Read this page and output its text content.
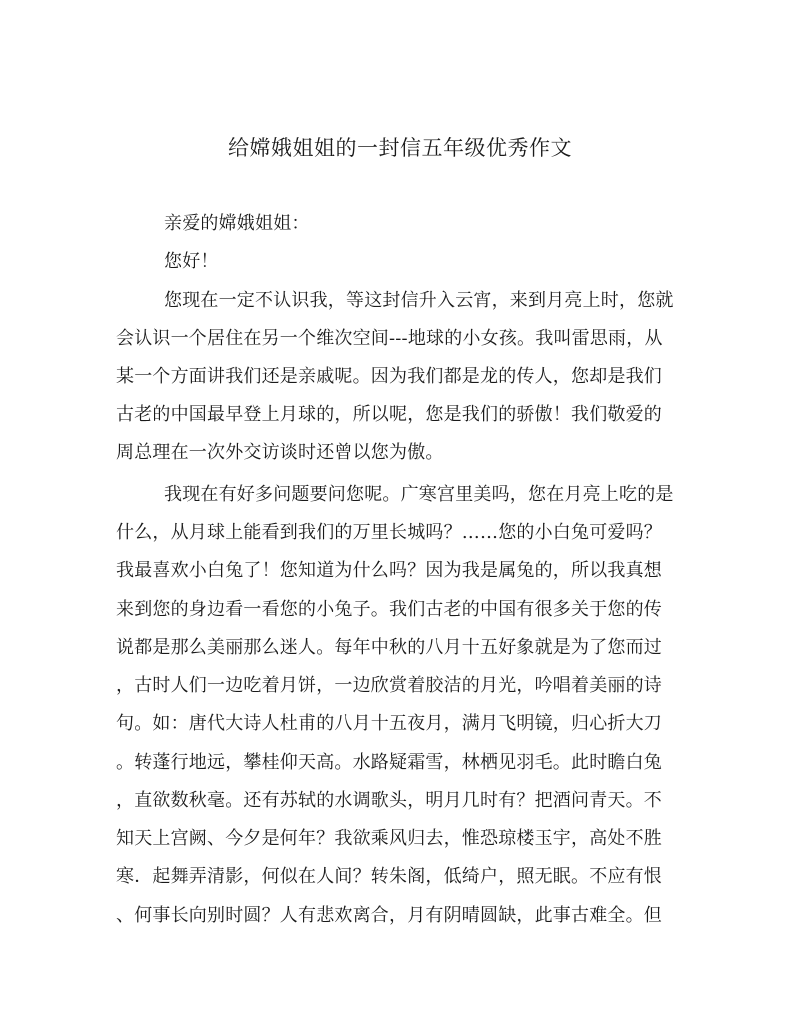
给嫦娥姐姐的一封信五年级优秀作文
亲爱的嫦娥姐姐：
您好！
您现在一定不认识我，等这封信升入云宵，来到月亮上时，您就
会认识一个居住在另一个维次空间---地球的小女孩。我叫雷思雨，从
某一个方面讲我们还是亲戚呢。因为我们都是龙的传人，您却是我们
古老的中国最早登上月球的，所以呢，您是我们的骄傲！我们敬爱的
周总理在一次外交访谈时还曾以您为傲。
我现在有好多问题要问您呢。广寒宫里美吗，您在月亮上吃的是
什么，从月球上能看到我们的万里长城吗？……您的小白兔可爱吗？
我最喜欢小白兔了！您知道为什么吗？因为我是属兔的，所以我真想
来到您的身边看一看您的小兔子。我们古老的中国有很多关于您的传
说都是那么美丽那么迷人。每年中秋的八月十五好象就是为了您而过
，古时人们一边吃着月饼，一边欣赏着胶洁的月光，吟唱着美丽的诗
句。如：唐代大诗人杜甫的八月十五夜月，满月飞明镜，归心折大刀
。转蓬行地远，攀桂仰天高。水路疑霜雪，林栖见羽毛。此时瞻白兔
，直欲数秋毫。还有苏轼的水调歌头，明月几时有？把酒问青天。不
知天上宫阙、今夕是何年？我欲乘风归去，惟恐琼楼玉宇，高处不胜
寒．起舞弄清影，何似在人间？转朱阁，低绮户，照无眠。不应有恨
、何事长向别时圆？人有悲欢离合，月有阴晴圆缺，此事古难全。但
